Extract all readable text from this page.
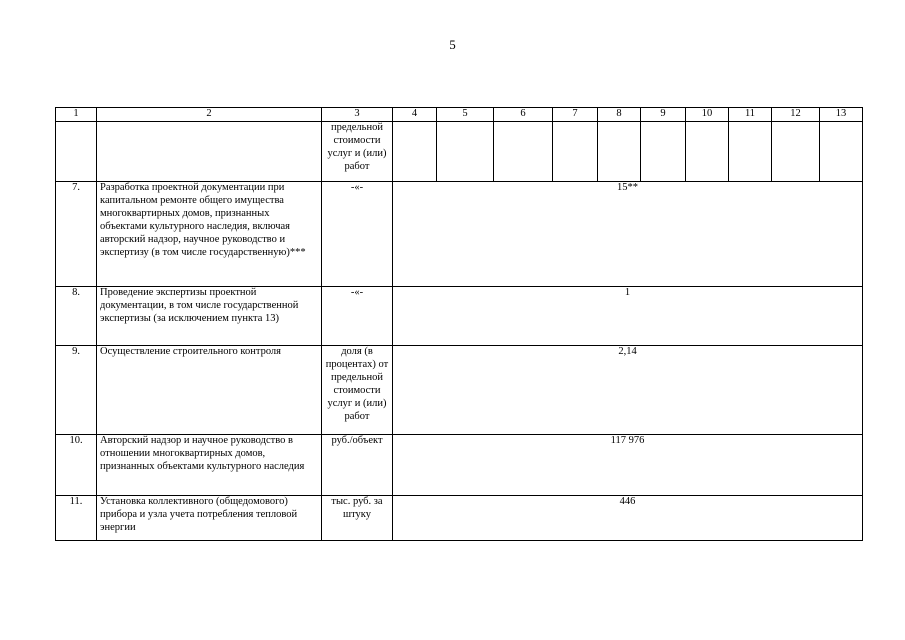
5
1	2	3	4	5	6	7	8	9	10	11	12	13
		предельной стоимости услуг и (или) работ										
7.	Разработка проектной документации при капитальном ремонте общего имущества многоквартирных домов, признанных объектами культурного наследия, включая авторский надзор, научное руководство и экспертизу (в том числе государственную)***	-«-	15**									
8.	Проведение экспертизы проектной документации, в том числе государственной экспертизы (за исключением пункта 13)	-«-	1									
9.	Осуществление строительного контроля	доля (в процентах) от предельной стоимости услуг и (или) работ	2,14									
10.	Авторский надзор и научное руководство в отношении многоквартирных домов, признанных объектами культурного наследия	руб./объект	117 976									
11.	Установка коллективного (общедомового) прибора и узла учета потребления тепловой энергии	тыс. руб. за штуку	446									
